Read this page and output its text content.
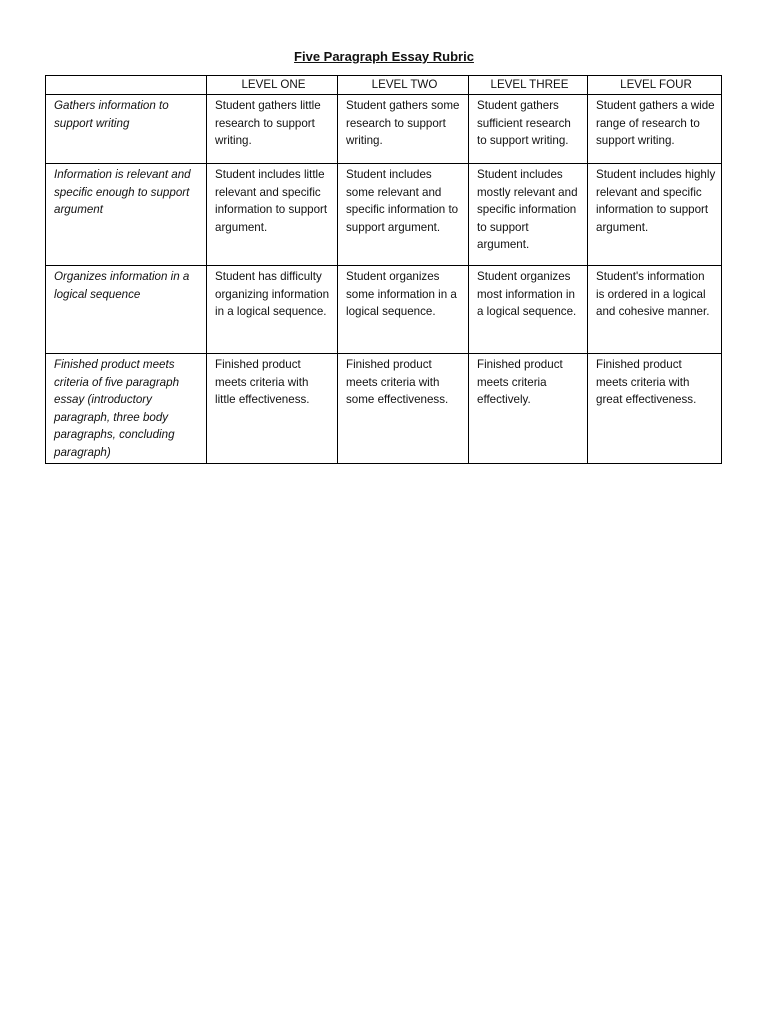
Five Paragraph Essay Rubric
	LEVEL ONE	LEVEL TWO	LEVEL THREE	LEVEL FOUR
Gathers information to support writing	Student gathers little research to support writing.	Student gathers some research to support writing.	Student gathers sufficient research to support writing.	Student gathers a wide range of research to support writing.
Information is relevant and specific enough to support argument	Student includes little relevant and specific information to support argument.	Student includes some relevant and specific information to support argument.	Student includes mostly relevant and specific information to support argument.	Student includes highly relevant and specific information to support argument.
Organizes information in a logical sequence	Student has difficulty organizing information in a logical sequence.	Student organizes some information in a logical sequence.	Student organizes most information in a logical sequence.	Student's information is ordered in a logical and cohesive manner.
Finished product meets criteria of five paragraph essay (introductory paragraph, three body paragraphs, concluding paragraph)	Finished product meets criteria with little effectiveness.	Finished product meets criteria with some effectiveness.	Finished product meets criteria effectively.	Finished product meets criteria with great effectiveness.
